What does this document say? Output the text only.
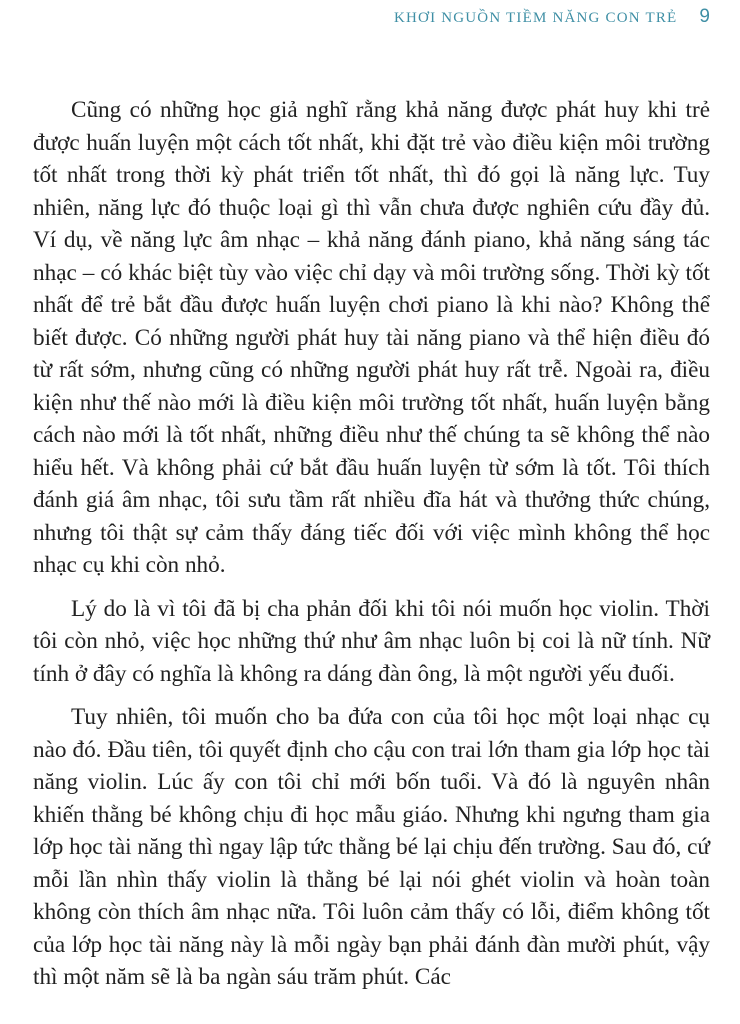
KHƠI NGUỒN TIỀM NĂNG CON TRẺ 9

Cũng có những học giả nghĩ rằng khả năng được phát huy khi trẻ được huấn luyện một cách tốt nhất, khi đặt trẻ vào điều kiện môi trường tốt nhất trong thời kỳ phát triển tốt nhất, thì đó gọi là năng lực. Tuy nhiên, năng lực đó thuộc loại gì thì vẫn chưa được nghiên cứu đầy đủ. Ví dụ, về năng lực âm nhạc – khả năng đánh piano, khả năng sáng tác nhạc – có khác biệt tùy vào việc chỉ dạy và môi trường sống. Thời kỳ tốt nhất để trẻ bắt đầu được huấn luyện chơi piano là khi nào? Không thể biết được. Có những người phát huy tài năng piano và thể hiện điều đó từ rất sớm, nhưng cũng có những người phát huy rất trễ. Ngoài ra, điều kiện như thế nào mới là điều kiện môi trường tốt nhất, huấn luyện bằng cách nào mới là tốt nhất, những điều như thế chúng ta sẽ không thể nào hiểu hết. Và không phải cứ bắt đầu huấn luyện từ sớm là tốt. Tôi thích đánh giá âm nhạc, tôi sưu tầm rất nhiều đĩa hát và thưởng thức chúng, nhưng tôi thật sự cảm thấy đáng tiếc đối với việc mình không thể học nhạc cụ khi còn nhỏ.

Lý do là vì tôi đã bị cha phản đối khi tôi nói muốn học violin. Thời tôi còn nhỏ, việc học những thứ như âm nhạc luôn bị coi là nữ tính. Nữ tính ở đây có nghĩa là không ra dáng đàn ông, là một người yếu đuối.

Tuy nhiên, tôi muốn cho ba đứa con của tôi học một loại nhạc cụ nào đó. Đầu tiên, tôi quyết định cho cậu con trai lớn tham gia lớp học tài năng violin. Lúc ấy con tôi chỉ mới bốn tuổi. Và đó là nguyên nhân khiến thằng bé không chịu đi học mẫu giáo. Nhưng khi ngưng tham gia lớp học tài năng thì ngay lập tức thằng bé lại chịu đến trường. Sau đó, cứ mỗi lần nhìn thấy violin là thằng bé lại nói ghét violin và hoàn toàn không còn thích âm nhạc nữa. Tôi luôn cảm thấy có lỗi, điểm không tốt của lớp học tài năng này là mỗi ngày bạn phải đánh đàn mười phút, vậy thì một năm sẽ là ba ngàn sáu trăm phút. Các
